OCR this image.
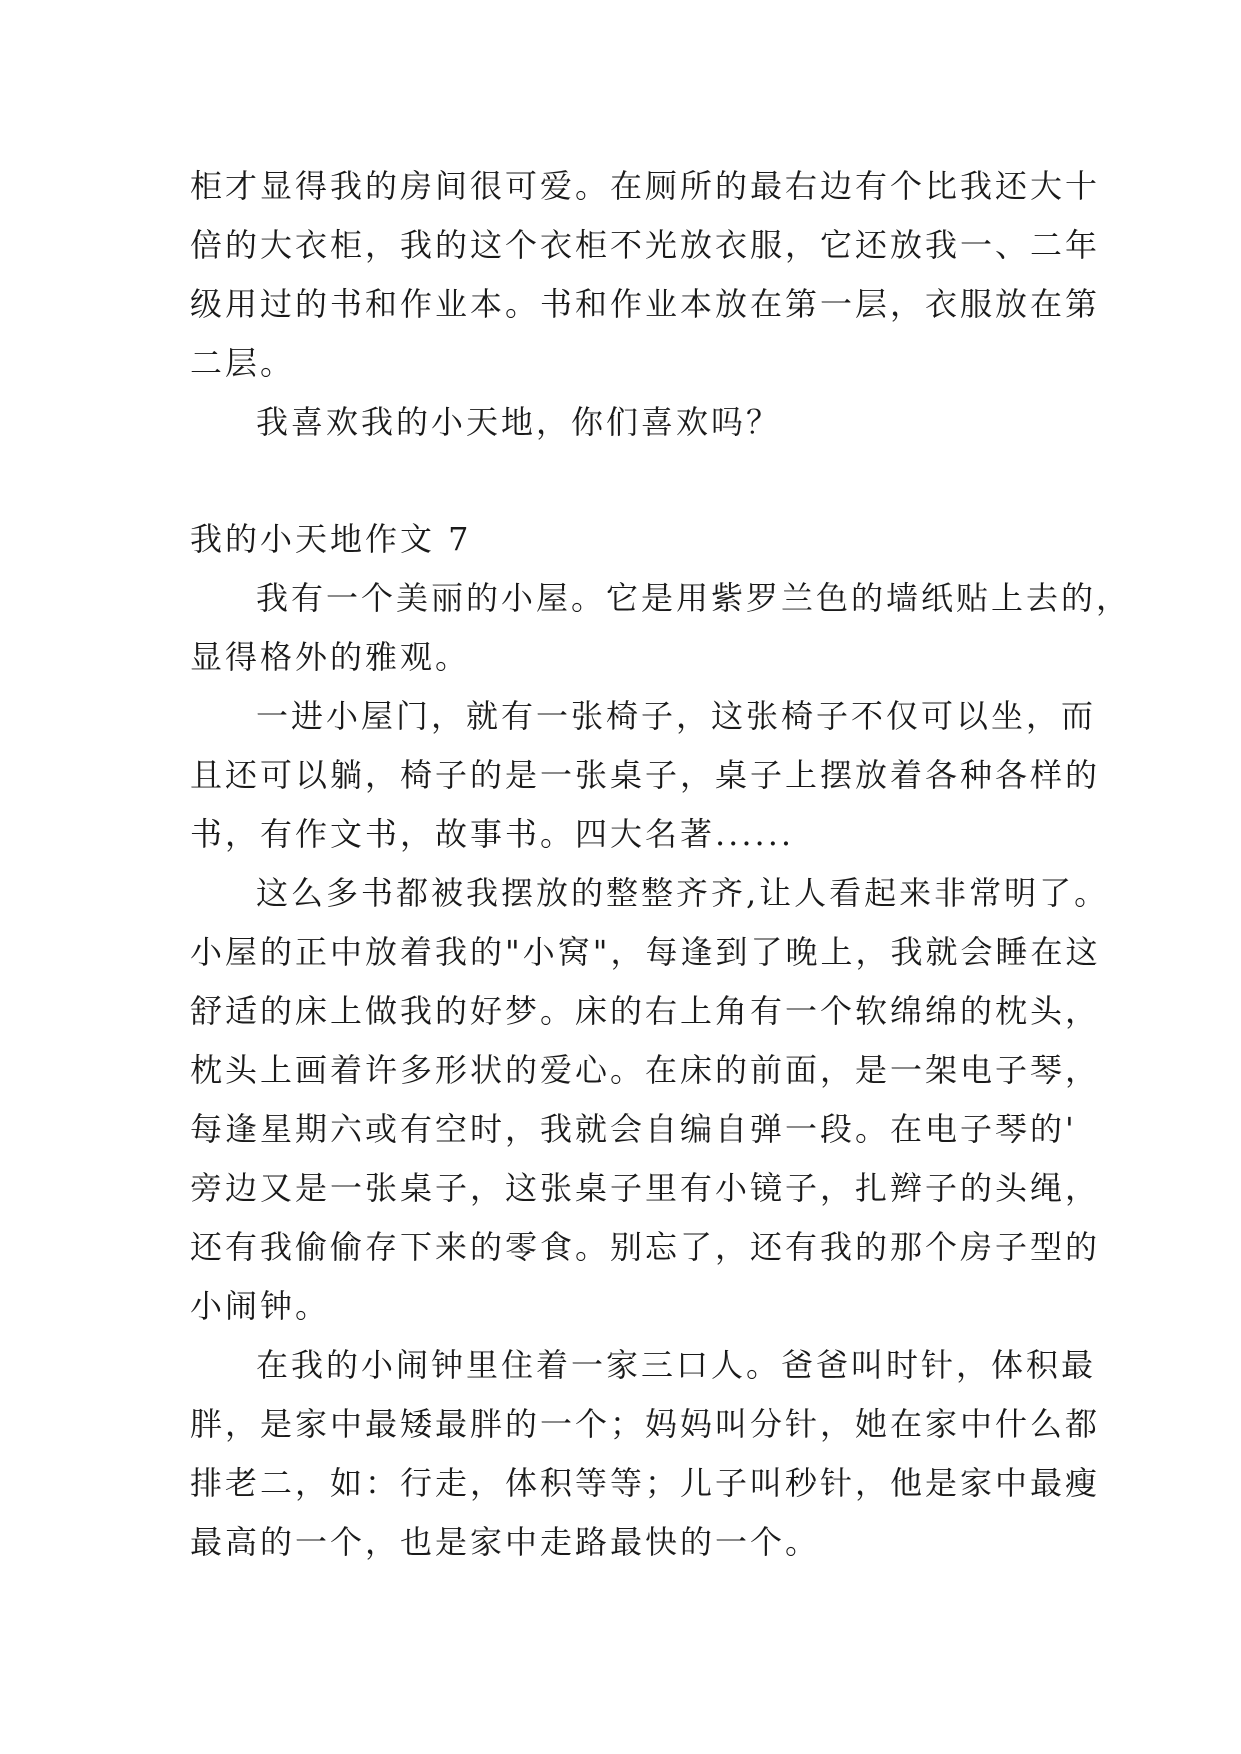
柜才显得我的房间很可爱。在厕所的最右边有个比我还大十
倍的大衣柜，我的这个衣柜不光放衣服，它还放我一、二年
级用过的书和作业本。书和作业本放在第一层，衣服放在第
二层。
我喜欢我的小天地，你们喜欢吗？
我的小天地作文 7
我有一个美丽的小屋。它是用紫罗兰色的墙纸贴上去的，
显得格外的雅观。
一进小屋门，就有一张椅子，这张椅子不仅可以坐，而
且还可以躺，椅子的是一张桌子，桌子上摆放着各种各样的
书，有作文书，故事书。四大名著......
这么多书都被我摆放的整整齐齐,让人看起来非常明了。
小屋的正中放着我的"小窝"，每逢到了晚上，我就会睡在这
舒适的床上做我的好梦。床的右上角有一个软绵绵的枕头，
枕头上画着许多形状的爱心。在床的前面，是一架电子琴，
每逢星期六或有空时，我就会自编自弹一段。在电子琴的'
旁边又是一张桌子，这张桌子里有小镜子，扎辫子的头绳，
还有我偷偷存下来的零食。别忘了，还有我的那个房子型的
小闹钟。
在我的小闹钟里住着一家三口人。爸爸叫时针，体积最
胖，是家中最矮最胖的一个；妈妈叫分针，她在家中什么都
排老二，如：行走，体积等等；儿子叫秒针，他是家中最瘦
最高的一个，也是家中走路最快的一个。
